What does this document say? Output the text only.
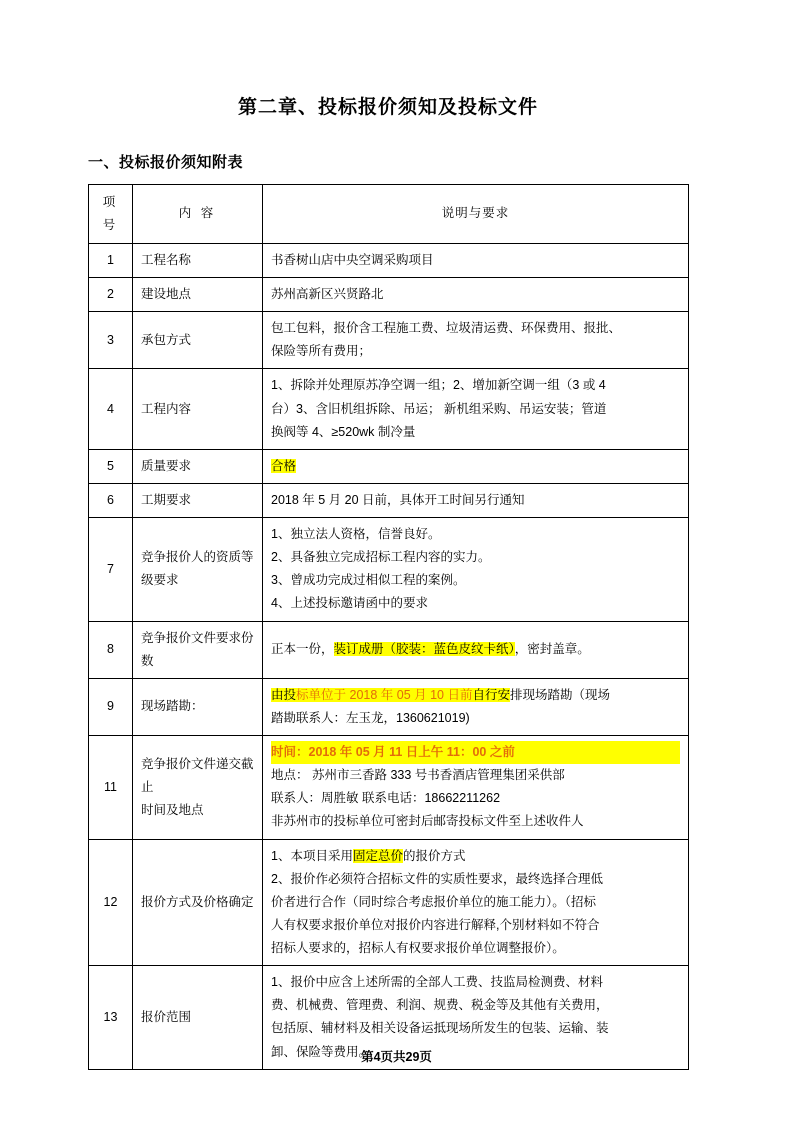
第二章、投标报价须知及投标文件
一、投标报价须知附表
项号	内 容	说明与要求
1	工程名称	书香树山店中央空调采购项目

2	建设地点	苏州高新区兴贤路北

3	承包方式	包工包料，报价含工程施工费、垃圾清运费、环保费用、报批、
保险等所有费用；

4	工程内容	1、拆除并处理原苏净空调一组；2、增加新空调一组（3 或 4
台）3、含旧机组拆除、吊运； 新机组采购、吊运安装；管道
换阀等 4、≥520wk 制冷量

5	质量要求	合格
6	工期要求	2018 年 5 月 20 日前，具体开工时间另行通知

7	竞争报价人的资质等级要求	1、独立法人资格，信誉良好。
2、具备独立完成招标工程内容的实力。
3、曾成功完成过相似工程的案例。
4、上述投标邀请函中的要求

8	竞争报价文件要求份数	正本一份，装订成册（胶装：蓝色皮纹卡纸），密封盖章。
9	现场踏勘：	由投标单位于 2018 年 05 月 10 日前自行安排现场踏勘（现场
踏勘联系人：左玉龙，1360621019)

11	竞争报价文件递交截止
时间及地点	时间：2018 年 05 月 11 日上午 11：00 之前
地点： 苏州市三香路 333 号书香酒店管理集团采供部
联系人：周胜敏 联系电话：18662211262
非苏州市的投标单位可密封后邮寄投标文件至上述收件人

12	报价方式及价格确定	1、本项目采用固定总价的报价方式
2、报价作必须符合招标文件的实质性要求，最终选择合理低
价者进行合作（同时综合考虑报价单位的施工能力）。（招标
人有权要求报价单位对报价内容进行解释,个别材料如不符合
招标人要求的，招标人有权要求报价单位调整报价）。

13	报价范围	1、报价中应含上述所需的全部人工费、技监局检测费、材料
费、机械费、管理费、利润、规费、税金等及其他有关费用，
包括原、辅材料及相关设备运抵现场所发生的包装、运输、装
卸、保险等费用。
第4页共29页
